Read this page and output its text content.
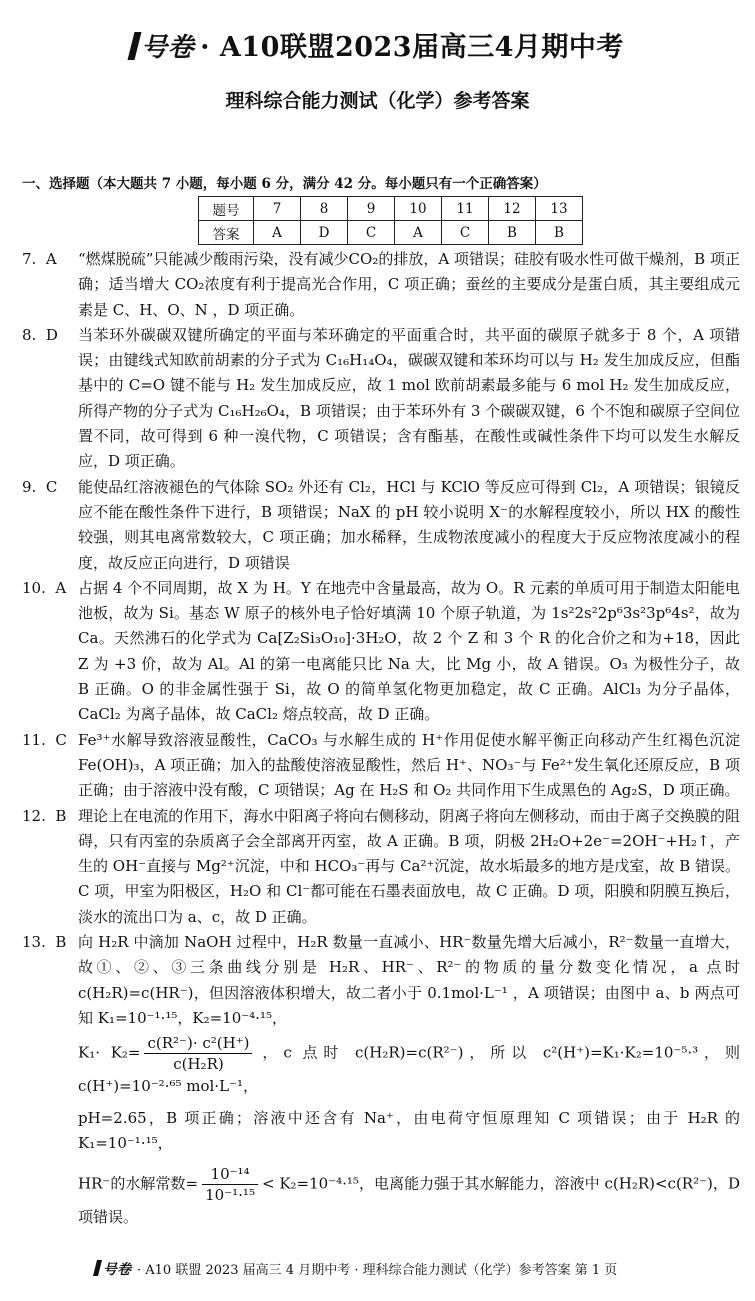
号卷 · A10联盟2023届高三4月期中考
理科综合能力测试（化学）参考答案
一、选择题（本大题共 7 小题，每小题 6 分，满分 42 分。每小题只有一个正确答案）
题号	7	8	9	10	11	12	13
答案	A	D	C	A	C	B	B
7.  A	“燃煤脱硫”只能减少酸雨污染，没有减少CO₂的排放，A 项错误；硅胶有吸水性可做干燥剂，B 项正确；适当增大 CO₂浓度有利于提高光合作用，C 项正确；蚕丝的主要成分是蛋白质，其主要组成元素是 C、H、O、N ，D 项正确。
8.  D	当苯环外碳碳双键所确定的平面与苯环确定的平面重合时，共平面的碳原子就多于 8 个，A 项错误；由键线式知欧前胡素的分子式为 C₁₆H₁₄O₄，碳碳双键和苯环均可以与 H₂ 发生加成反应，但酯基中的 C=O 键不能与 H₂ 发生加成反应，故 1 mol 欧前胡素最多能与 6 mol H₂ 发生加成反应，所得产物的分子式为 C₁₆H₂₆O₄，B 项错误；由于苯环外有 3 个碳碳双键，6 个不饱和碳原子空间位置不同，故可得到 6 种一溴代物，C 项错误；含有酯基，在酸性或碱性条件下均可以发生水解反应，D 项正确。
9.  C	能使品红溶液褪色的气体除 SO₂ 外还有 Cl₂，HCl 与 KClO 等反应可得到 Cl₂，A 项错误；银镜反应不能在酸性条件下进行，B 项错误；NaX 的 pH 较小说明 X⁻的水解程度较小，所以 HX 的酸性较强，则其电离常数较大，C 项正确；加水稀释，生成物浓度减小的程度大于反应物浓度减小的程度，故反应正向进行，D 项错误
10.  A 占据 4 个不同周期，故 X 为 H。Y 在地壳中含量最高，故为 O。R 元素的单质可用于制造太阳能电池板，故为 Si。基态 W 原子的核外电子恰好填满 10 个原子轨道，为 1s²2s²2p⁶3s²3p⁶4s²，故为 Ca。天然沸石的化学式为 Ca[Z₂Si₃O₁₀]·3H₂O，故 2 个 Z 和 3 个 R 的化合价之和为+18，因此 Z 为 +3 价，故为 Al。Al 的第一电离能只比 Na 大，比 Mg 小，故 A 错误。O₃ 为极性分子，故 B 正确。O 的非金属性强于 Si，故 O 的简单氢化物更加稳定，故 C 正确。AlCl₃ 为分子晶体，CaCl₂ 为离子晶体，故 CaCl₂ 熔点较高，故 D 正确。
11.  C Fe³⁺水解导致溶液显酸性，CaCO₃ 与水解生成的 H⁺作用促使水解平衡正向移动产生红褐色沉淀 Fe(OH)₃，A 项正确；加入的盐酸使溶液显酸性，然后 H⁺、NO₃⁻与 Fe²⁺发生氧化还原反应，B 项正确；由于溶液中没有酸，C 项错误；Ag 在 H₂S 和 O₂ 共同作用下生成黑色的 Ag₂S，D 项正确。
12.  B 理论上在电流的作用下，海水中阳离子将向右侧移动，阴离子将向左侧移动，而由于离子交换膜的阻碍，只有丙室的杂质离子会全部离开丙室，故 A 正确。B 项，阴极 2H₂O+2e⁻=2OH⁻+H₂↑，产生的 OH⁻直接与 Mg²⁺沉淀，中和 HCO₃⁻再与 Ca²⁺沉淀，故水垢最多的地方是戊室，故 B 错误。C 项，甲室为阳极区，H₂O 和 Cl⁻都可能在石墨表面放电，故 C 正确。D 项，阳膜和阴膜互换后，淡水的流出口为 a、c，故 D 正确。
13.  B 向 H₂R 中滴加 NaOH 过程中，H₂R 数量一直减小、HR⁻数量先增大后减小，R²⁻数量一直增大，故①、②、③三条曲线分别是 H₂R、HR⁻、R²⁻的物质的量分数变化情况，a 点时 c(H₂R)=c(HR⁻)，但因溶液体积增大，故二者小于 0.1mol·L⁻¹ ，A 项错误；由图中 a、b 两点可知 K₁=10⁻¹·¹⁵，K₂=10⁻⁴·¹⁵，
$K_1\cdot K_2= \frac{\text{c(R²⁻)· c²(H⁺)}}{\text{c(H₂R)}}$ ，c 点时 c(H₂R)=c(R²⁻)，所以 c²(H⁺)=K₁·K₂=10⁻⁵·³，则 c(H⁺)=10⁻²·⁶⁵ mol·L⁻¹，
pH=2.65，B 项正确；溶液中还含有 Na⁺，由电荷守恒原理知 C 项错误；由于 H₂R 的 K₁=10⁻¹·¹⁵，
HR⁻的水解常数= $\frac{\text{10⁻¹⁴}}{\text{10⁻¹·¹⁵}} < K_2=10^{-4}\cdot^{15}$，电离能力强于其水解能力，溶液中 c(H₂R)<c(R²⁻)，D 项错误。
号卷 · A10 联盟 2023 届高三 4 月期中考 · 理科综合能力测试（化学）参考答案 第 1 页
